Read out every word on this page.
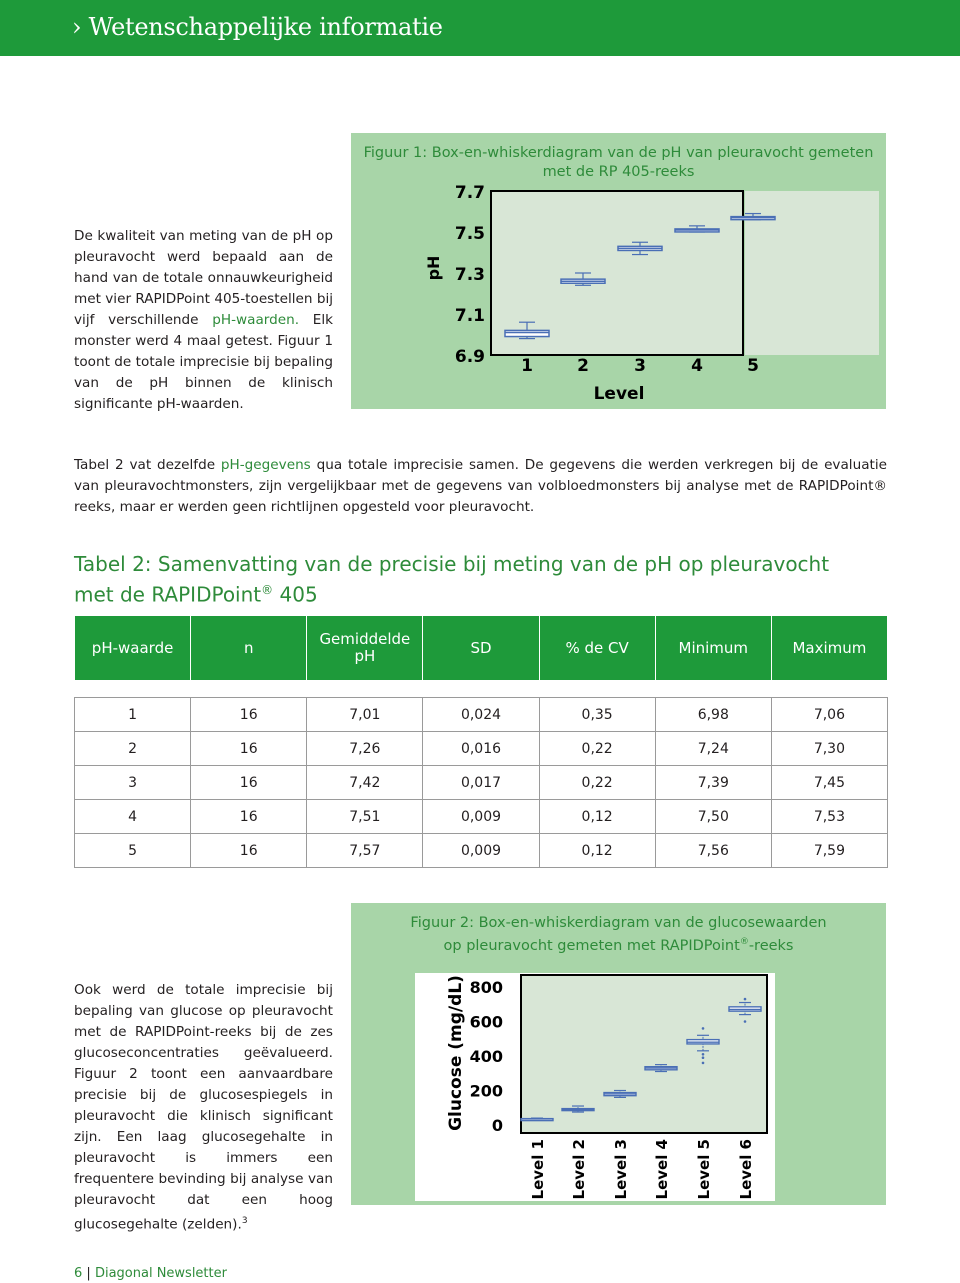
› Wetenschappelijke informatie

De kwaliteit van meting van de pH op pleuravocht werd bepaald aan de hand van de totale onnauwkeurigheid met vier RAPIDPoint 405-toestellen bij vijf verschillende pH-waarden. Elk monster werd 4 maal getest. Figuur 1 toont de totale imprecisie bij bepaling van de pH binnen de klinisch significante pH-waarden.

Figuur 1: Box-en-whiskerdiagram van de pH van pleuravocht gemeten
met de RP 405-reeks
pH
Level
7.7
7.5
7.3
7.1
6.9 1	2	3	4	5

Tabel 2 vat dezelfde pH-gegevens qua totale imprecisie samen. De gegevens die werden verkregen bij de evaluatie van pleuravochtmonsters, zijn vergelijkbaar met de gegevens van volbloedmonsters bij analyse met de RAPIDPoint® reeks, maar er werden geen richtlijnen opgesteld voor pleuravocht.

Tabel 2: Samenvatting van de precisie bij meting van de pH op pleuravocht
met de RAPIDPoint® 405
pH-waarde	n	Gemiddelde pH	SD	% de CV	Minimum	Maximum

1	16	7,01	0,024	0,35	6,98	7,06
2	16	7,26	0,016	0,22	7,24	7,30
3	16	7,42	0,017	0,22	7,39	7,45
4	16	7,51	0,009	0,12	7,50	7,53
5	16	7,57	0,009	0,12	7,56	7,59
Figuur 2: Box-en-whiskerdiagram van de glucosewaarden
op pleuravocht gemeten met RAPIDPoint®-reeks
Glucose (mg/dL) 800
600
400
200
0
Level 1 Level 2 Level 3 Level 4 Level 5 Level 6

Ook werd de totale imprecisie bij bepaling van glucose op pleuravocht met de RAPIDPoint-reeks bij de zes glucoseconcentraties geëvalueerd. Figuur 2 toont een aanvaardbare precisie bij de glucosespiegels in pleuravocht die klinisch significant zijn. Een laag glucosegehalte in pleuravocht is immers een frequentere bevinding bij analyse van pleuravocht dat een hoog glucosegehalte (zelden).$^3$

6 | Diagonal Newsletter
